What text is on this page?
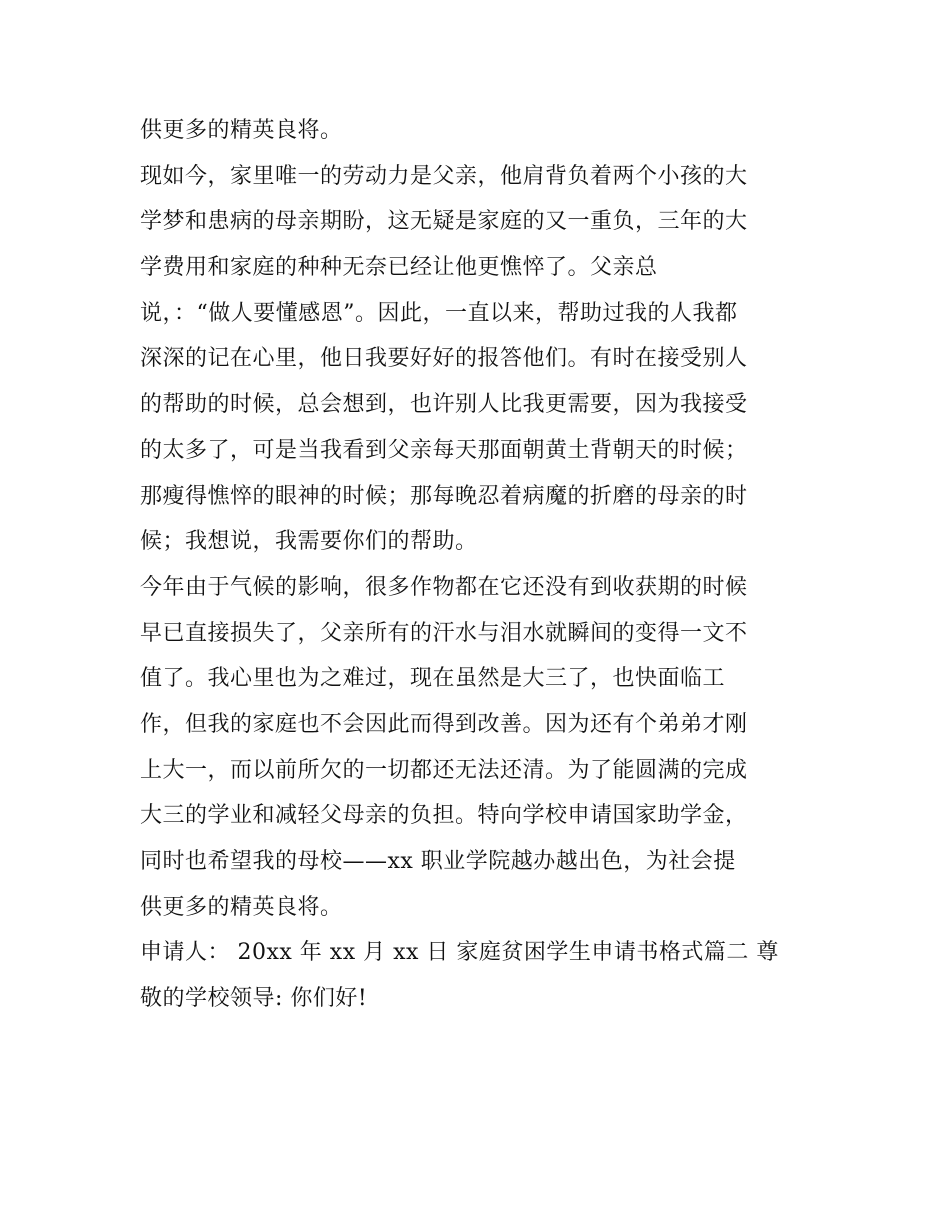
供更多的精英良将。
现如今，家里唯一的劳动力是父亲，他肩背负着两个小孩的大
学梦和患病的母亲期盼，这无疑是家庭的又一重负，三年的大
学费用和家庭的种种无奈已经让他更憔悴了。父亲总
说，：“做人要懂感恩”。因此，一直以来，帮助过我的人我都
深深的记在心里，他日我要好好的报答他们。有时在接受别人
的帮助的时候，总会想到，也许别人比我更需要，因为我接受
的太多了，可是当我看到父亲每天那面朝黄土背朝天的时候；
那瘦得憔悴的眼神的时候；那每晚忍着病魔的折磨的母亲的时
候；我想说，我需要你们的帮助。
今年由于气候的影响，很多作物都在它还没有到收获期的时候
早已直接损失了，父亲所有的汗水与泪水就瞬间的变得一文不
值了。我心里也为之难过，现在虽然是大三了，也快面临工
作，但我的家庭也不会因此而得到改善。因为还有个弟弟才刚
上大一，而以前所欠的一切都还无法还清。为了能圆满的完成
大三的学业和减轻父母亲的负担。特向学校申请国家助学金，
同时也希望我的母校——xx 职业学院越办越出色，为社会提
供更多的精英良将。
申请人： 20xx 年 xx 月 xx 日 家庭贫困学生申请书格式篇二 尊
敬的学校领导: 你们好!
